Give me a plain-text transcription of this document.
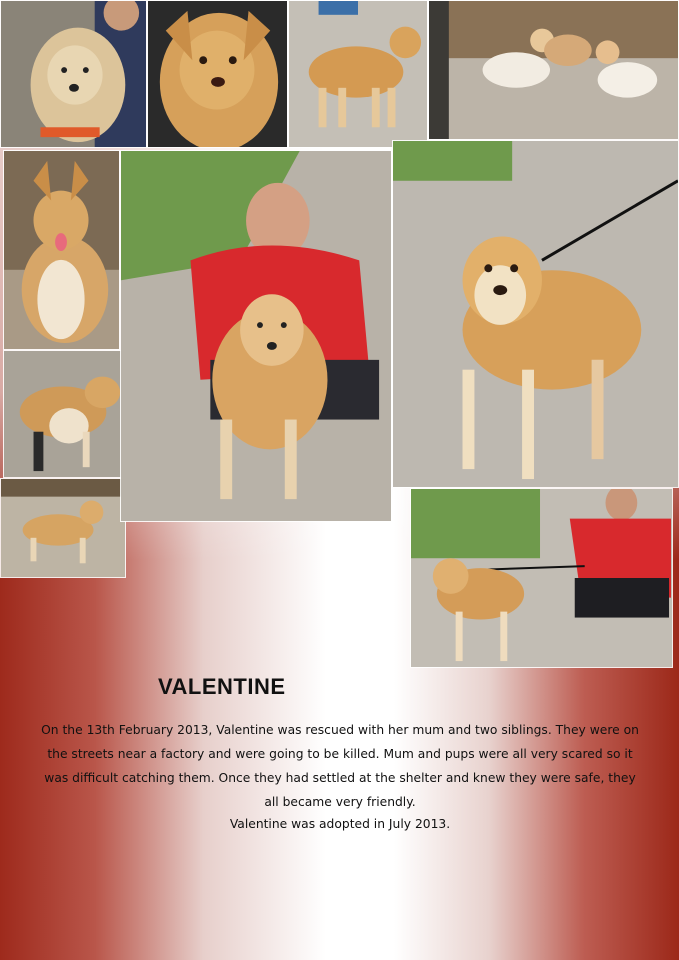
VALENTINE
On the 13th February 2013, Valentine was rescued with her mum and two siblings. They were on the streets near a factory and were going to be killed. Mum and pups were all very scared so it was difficult catching them. Once they had settled at the shelter and knew they were safe, they all became very friendly.
Valentine was adopted in July 2013.
